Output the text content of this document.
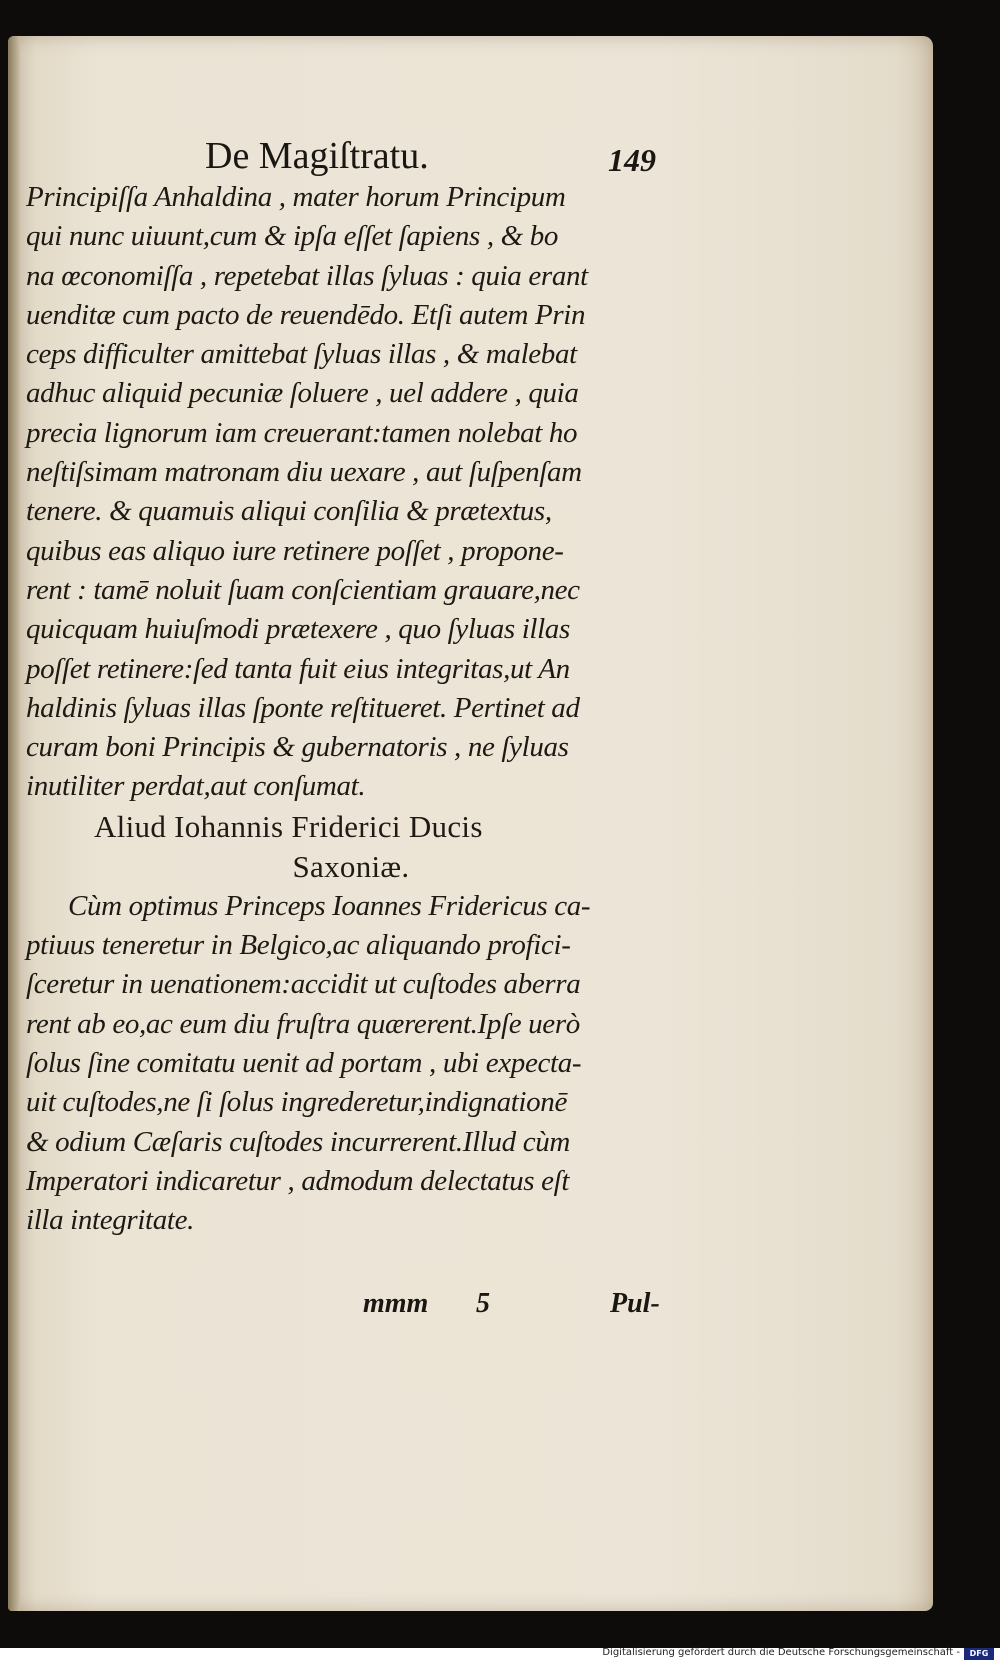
De Magiſtratu.	149
Principiſſa Anhaldina , mater horum Principum
qui nunc uiuunt,cum & ipſa eſſet ſapiens , & bo
na œconomiſſa , repetebat illas ſyluas : quia erant
uenditæ cum pacto de reuendēdo. Etſi autem Prin
ceps difficulter amittebat ſyluas illas , & malebat
adhuc aliquid pecuniæ ſoluere , uel addere , quia
precia lignorum iam creuerant:tamen nolebat ho
neſtiſsimam matronam diu uexare , aut ſuſpenſam
tenere. & quamuis aliqui conſilia & prætextus,
quibus eas aliquo iure retinere poſſet , propone-
rent : tamē noluit ſuam conſcientiam grauare,nec
quicquam huiuſmodi prætexere , quo ſyluas illas
poſſet retinere:ſed tanta fuit eius integritas,ut An
haldinis ſyluas illas ſponte reſtitueret. Pertinet ad
curam boni Principis & gubernatoris , ne ſyluas
inutiliter perdat,aut conſumat.
Aliud Iohannis Friderici Ducis
Saxoniæ.
Cùm optimus Princeps Ioannes Fridericus ca-
ptiuus teneretur in Belgico,ac aliquando profici-
ſceretur in uenationem:accidit ut cuſtodes aberra
rent ab eo,ac eum diu fruſtra quærerent.Ipſe uerò
ſolus ſine comitatu uenit ad portam , ubi expecta-
uit cuſtodes,ne ſi ſolus ingrederetur,indignationē
& odium Cæſaris cuſtodes incurrerent.Illud cùm
Imperatori indicaretur , admodum delectatus eſt
illa integritate.
mmm 5	Pul-
Digitalisierung gefördert durch die Deutsche Forschungsgemeinschaft -	DFG
